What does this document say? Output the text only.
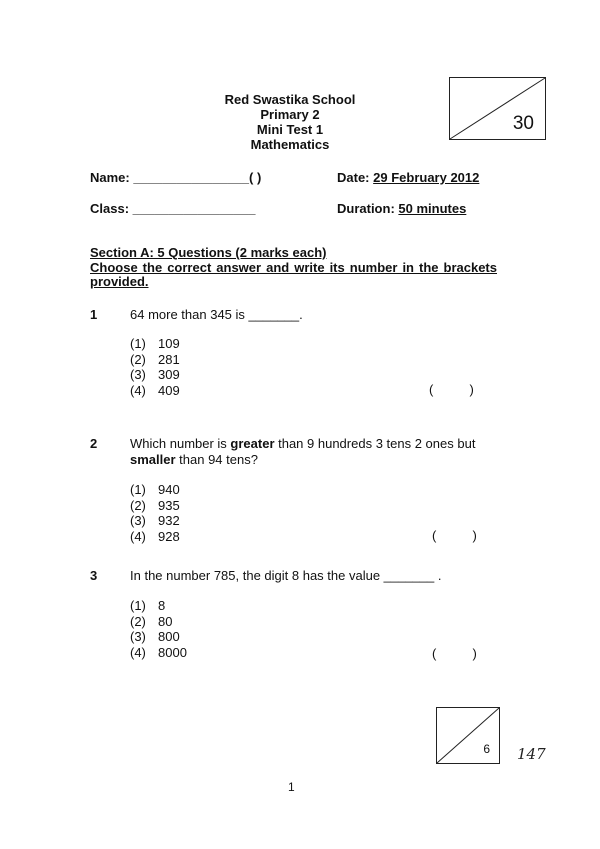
Red Swastika School
Primary 2
Mini Test 1
Mathematics
30
Name: ________________( )	Date: 29 February 2012
Class: _________________	Duration: 50 minutes
Section A: 5 Questions (2 marks each)
Choose the correct answer and write its number in the brackets provided.
1	64 more than 345 is _______.
(1) 109
(2) 281
(3) 309
(4) 409	(          )
2	Which number is greater than 9 hundreds 3 tens 2 ones but smaller than 94 tens?
(1) 940
(2) 935
(3) 932
(4) 928	(          )
3	In the number 785, the digit 8 has the value _______ .
(1) 8
(2) 80
(3) 800
(4) 8000	(          )
6 147
1
